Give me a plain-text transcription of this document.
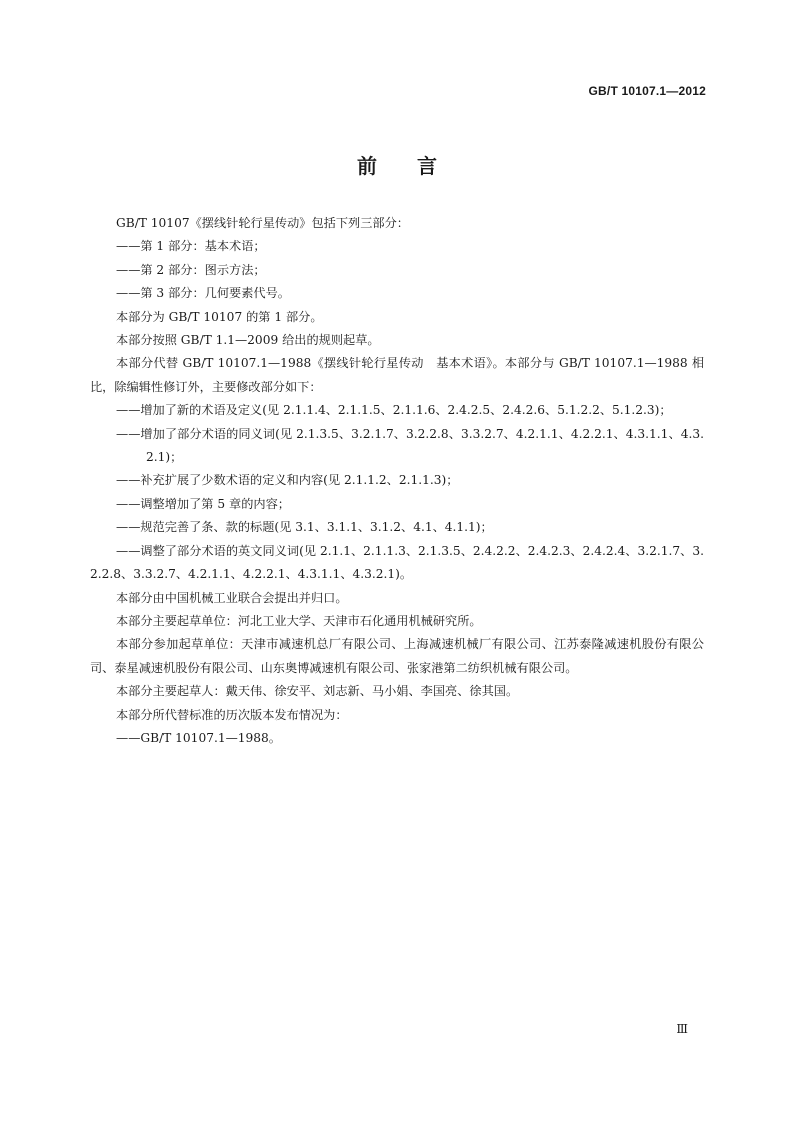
GB/T 10107.1—2012
前言

GB/T 10107《摆线针轮行星传动》包括下列三部分：

——第 1 部分：基本术语；

——第 2 部分：图示方法；

——第 3 部分：几何要素代号。

本部分为 GB/T 10107 的第 1 部分。

本部分按照 GB/T 1.1—2009 给出的规则起草。

本部分代替 GB/T 10107.1—1988《摆线针轮行星传动　基本术语》。本部分与 GB/T 10107.1—1988 相比，除编辑性修订外，主要修改部分如下：

——增加了新的术语及定义(见 2.1.1.4、2.1.1.5、2.1.1.6、2.4.2.5、2.4.2.6、5.1.2.2、5.1.2.3)；

——增加了部分术语的同义词(见 2.1.3.5、3.2.1.7、3.2.2.8、3.3.2.7、4.2.1.1、4.2.2.1、4.3.1.1、4.3.2.1)；

——补充扩展了少数术语的定义和内容(见 2.1.1.2、2.1.1.3)；

——调整增加了第 5 章的内容；

——规范完善了条、款的标题(见 3.1、3.1.1、3.1.2、4.1、4.1.1)；

——调整了部分术语的英文同义词(见 2.1.1、2.1.1.3、2.1.3.5、2.4.2.2、2.4.2.3、2.4.2.4、3.2.1.7、3.2.2.8、3.3.2.7、4.2.1.1、4.2.2.1、4.3.1.1、4.3.2.1)。

本部分由中国机械工业联合会提出并归口。

本部分主要起草单位：河北工业大学、天津市石化通用机械研究所。

本部分参加起草单位：天津市减速机总厂有限公司、上海减速机械厂有限公司、江苏泰隆减速机股份有限公司、泰星减速机股份有限公司、山东奥博减速机有限公司、张家港第二纺织机械有限公司。

本部分主要起草人：戴天伟、徐安平、刘志新、马小娟、李国亮、徐其国。

本部分所代替标准的历次版本发布情况为：

——GB/T 10107.1—1988。

Ⅲ
